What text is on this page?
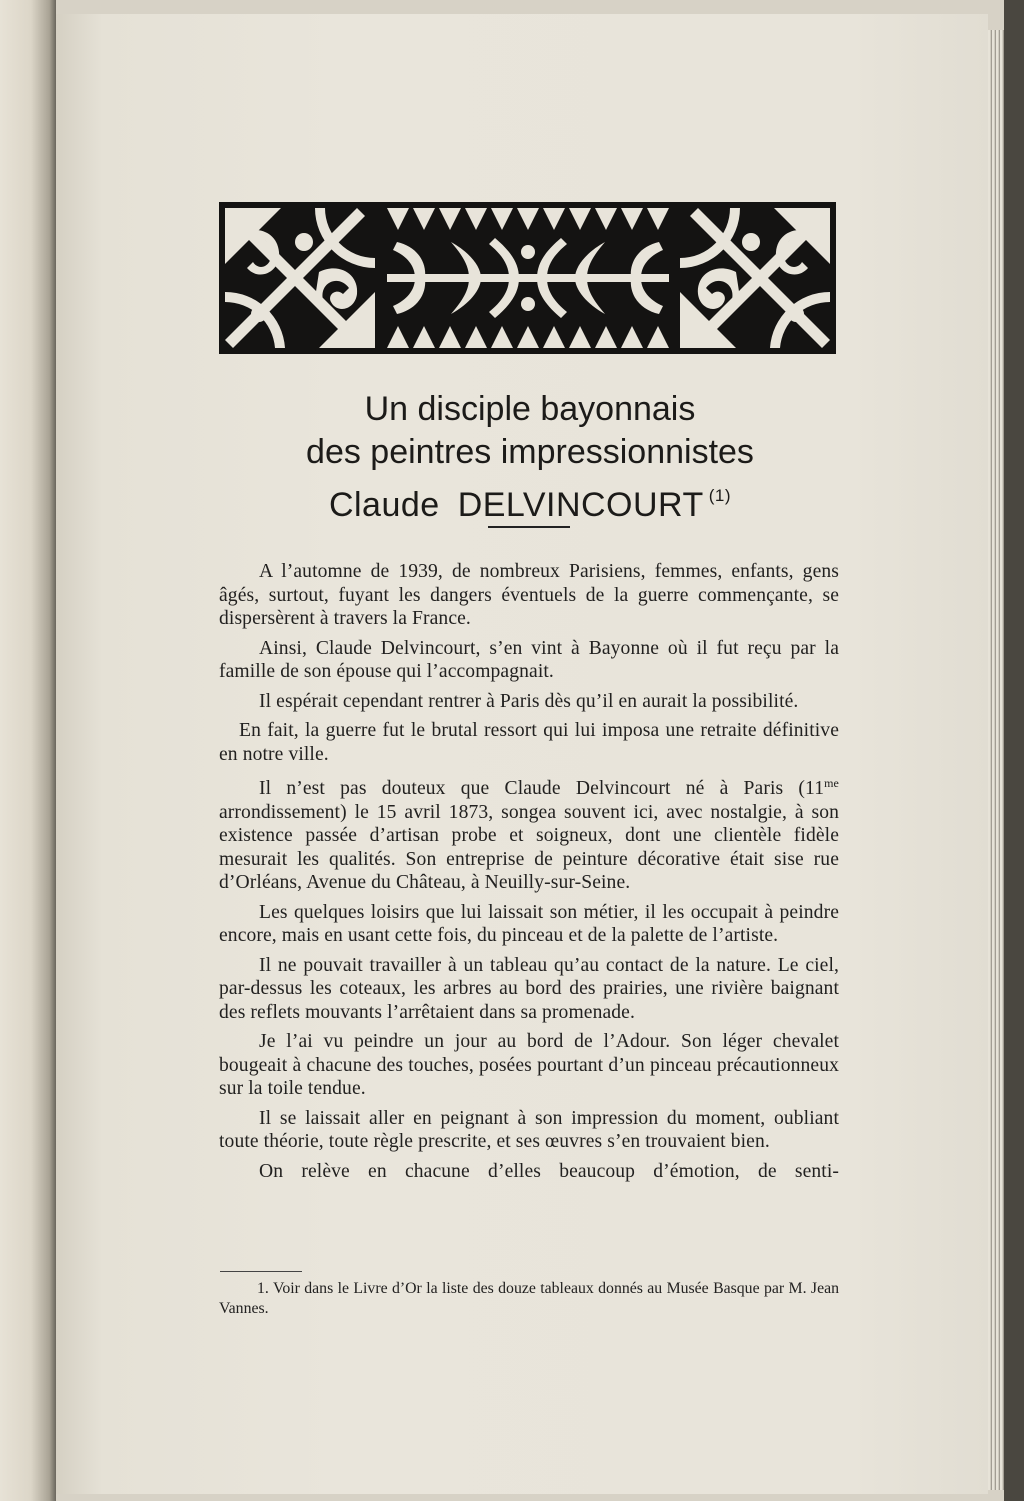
Un disciple bayonnais
des peintres impressionnistes
Claude DELVINCOURT $^{(1)}$

A l’automne de 1939, de nombreux Parisiens, femmes, enfants, gens âgés, surtout, fuyant les dangers éventuels de la guerre commençante, se dispersèrent à travers la France.

Ainsi, Claude Delvincourt, s’en vint à Bayonne où il fut reçu par la famille de son épouse qui l’accompagnait.

Il espérait cependant rentrer à Paris dès qu’il en aurait la possibilité.

En fait, la guerre fut le brutal ressort qui lui imposa une retraite définitive en notre ville.

Il n’est pas douteux que Claude Delvincourt né à Paris ($11^{me}$ arrondissement) le 15 avril 1873, songea souvent ici, avec nostalgie, à son existence passée d’artisan probe et soigneux, dont une clientèle fidèle mesurait les qualités. Son entreprise de peinture décorative était sise rue d’Orléans, Avenue du Château, à Neuilly-sur-Seine.

Les quelques loisirs que lui laissait son métier, il les occupait à peindre encore, mais en usant cette fois, du pinceau et de la palette de l’artiste.

Il ne pouvait travailler à un tableau qu’au contact de la nature. Le ciel, par-dessus les coteaux, les arbres au bord des prairies, une rivière baignant des reflets mouvants l’arrêtaient dans sa promenade.

Je l’ai vu peindre un jour au bord de l’Adour. Son léger chevalet bougeait à chacune des touches, posées pourtant d’un pinceau précautionneux sur la toile tendue.

Il se laissait aller en peignant à son impression du moment, oubliant toute théorie, toute règle prescrite, et ses œuvres s’en trouvaient bien.

On relève en chacune d’elles beaucoup d’émotion, de senti-

1. Voir dans le Livre d’Or la liste des douze tableaux donnés au Musée Basque par M. Jean Vannes.
